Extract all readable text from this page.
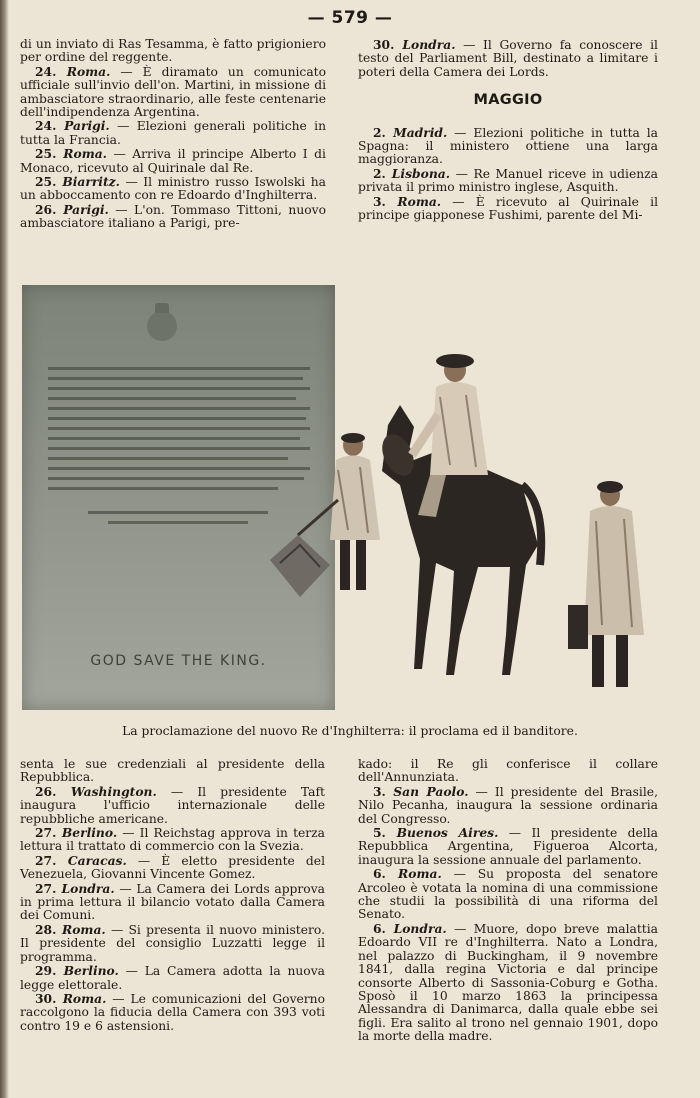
— 579 —

di un inviato di Ras Tesamma, è fatto prigioniero per ordine del reggente.

24. Roma. — È diramato un comunicato ufficiale sull'invio dell'on. Martini, in missione di ambasciatore straordinario, alle feste centenarie dell'indipendenza Argentina.

24. Parigi. — Elezioni generali politiche in tutta la Francia.

25. Roma. — Arriva il principe Alberto I di Monaco, ricevuto al Quirinale dal Re.

25. Biarritz. — Il ministro russo Iswolski ha un abboccamento con re Edoardo d'Inghilterra.

26. Parigi. — L'on. Tommaso Tittoni, nuovo ambasciatore italiano a Parigi, pre-

30. Londra. — Il Governo fa conoscere il testo del Parliament Bill, destinato a limitare i poteri della Camera dei Lords.

MAGGIO

2. Madrid. — Elezioni politiche in tutta la Spagna: il ministero ottiene una larga maggioranza.

2. Lisbona. — Re Manuel riceve in udienza privata il primo ministro inglese, Asquith.

3. Roma. — È ricevuto al Quirinale il principe giapponese Fushimi, parente del Mi-

GOD SAVE THE KING.
La proclamazione del nuovo Re d'Inghilterra: il proclama ed il banditore.

senta le sue credenziali al presidente della Repubblica.

26. Washington. — Il presidente Taft inaugura l'ufficio internazionale delle repubbliche americane.

27. Berlino. — Il Reichstag approva in terza lettura il trattato di commercio con la Svezia.

27. Caracas. — È eletto presidente del Venezuela, Giovanni Vincente Gomez.

27. Londra. — La Camera dei Lords approva in prima lettura il bilancio votato dalla Camera dei Comuni.

28. Roma. — Si presenta il nuovo ministero. Il presidente del consiglio Luzzatti legge il programma.

29. Berlino. — La Camera adotta la nuova legge elettorale.

30. Roma. — Le comunicazioni del Governo raccolgono la fiducia della Camera con 393 voti contro 19 e 6 astensioni.

kado: il Re gli conferisce il collare dell'Annunziata.

3. San Paolo. — Il presidente del Brasile, Nilo Pecanha, inaugura la sessione ordinaria del Congresso.

5. Buenos Aires. — Il presidente della Repubblica Argentina, Figueroa Alcorta, inaugura la sessione annuale del parlamento.

6. Roma. — Su proposta del senatore Arcoleo è votata la nomina di una commissione che studii la possibilità di una riforma del Senato.

6. Londra. — Muore, dopo breve malattia Edoardo VII re d'Inghilterra. Nato a Londra, nel palazzo di Buckingham, il 9 novembre 1841, dalla regina Victoria e dal principe consorte Alberto di Sassonia-Coburg e Gotha. Sposò il 10 marzo 1863 la principessa Alessandra di Danimarca, dalla quale ebbe sei figli. Era salito al trono nel gennaio 1901, dopo la morte della madre.
